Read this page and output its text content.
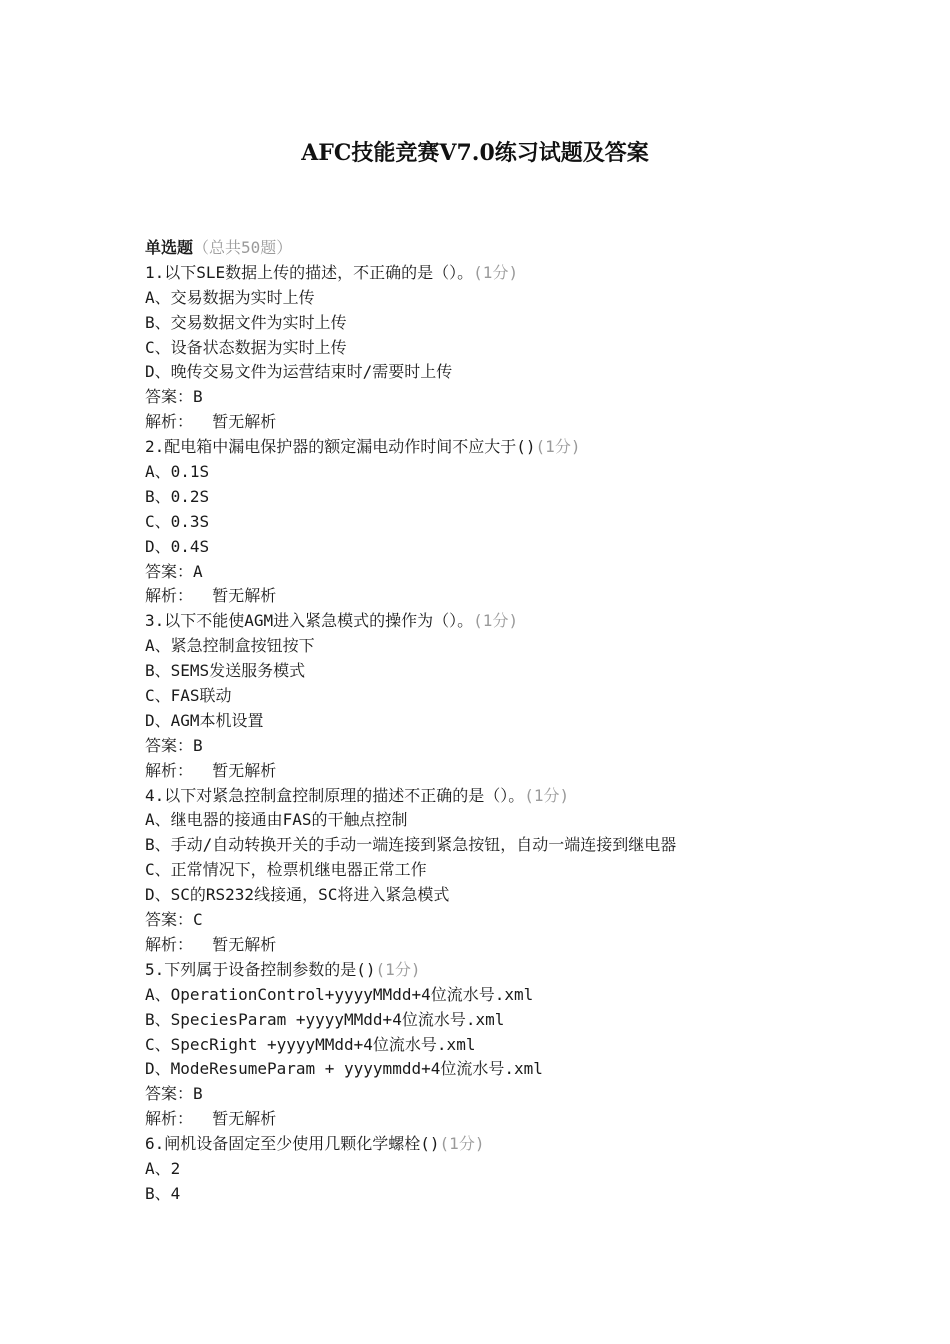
AFC技能竞赛V7.0练习试题及答案
单选题（总共50题）
1.以下SLE数据上传的描述，不正确的是（）。(1分)
A、交易数据为实时上传
B、交易数据文件为实时上传
C、设备状态数据为实时上传
D、晚传交易文件为运营结束时/需要时上传
答案：B
解析： 暂无解析
2.配电箱中漏电保护器的额定漏电动作时间不应大于()(1分)
A、0.1S
B、0.2S
C、0.3S
D、0.4S
答案：A
解析： 暂无解析
3.以下不能使AGM进入紧急模式的操作为（）。(1分)
A、紧急控制盒按钮按下
B、SEMS发送服务模式
C、FAS联动
D、AGM本机设置
答案：B
解析： 暂无解析
4.以下对紧急控制盒控制原理的描述不正确的是（）。(1分)
A、继电器的接通由FAS的干触点控制
B、手动/自动转换开关的手动一端连接到紧急按钮，自动一端连接到继电器
C、正常情况下，检票机继电器正常工作
D、SC的RS232线接通，SC将进入紧急模式
答案：C
解析： 暂无解析
5.下列属于设备控制参数的是()(1分)
A、OperationControl+yyyyMMdd+4位流水号.xml
B、SpeciesParam +yyyyMMdd+4位流水号.xml
C、SpecRight +yyyyMMdd+4位流水号.xml
D、ModeResumeParam + yyyymmdd+4位流水号.xml
答案：B
解析： 暂无解析
6.闸机设备固定至少使用几颗化学螺栓()(1分)
A、2
B、4
